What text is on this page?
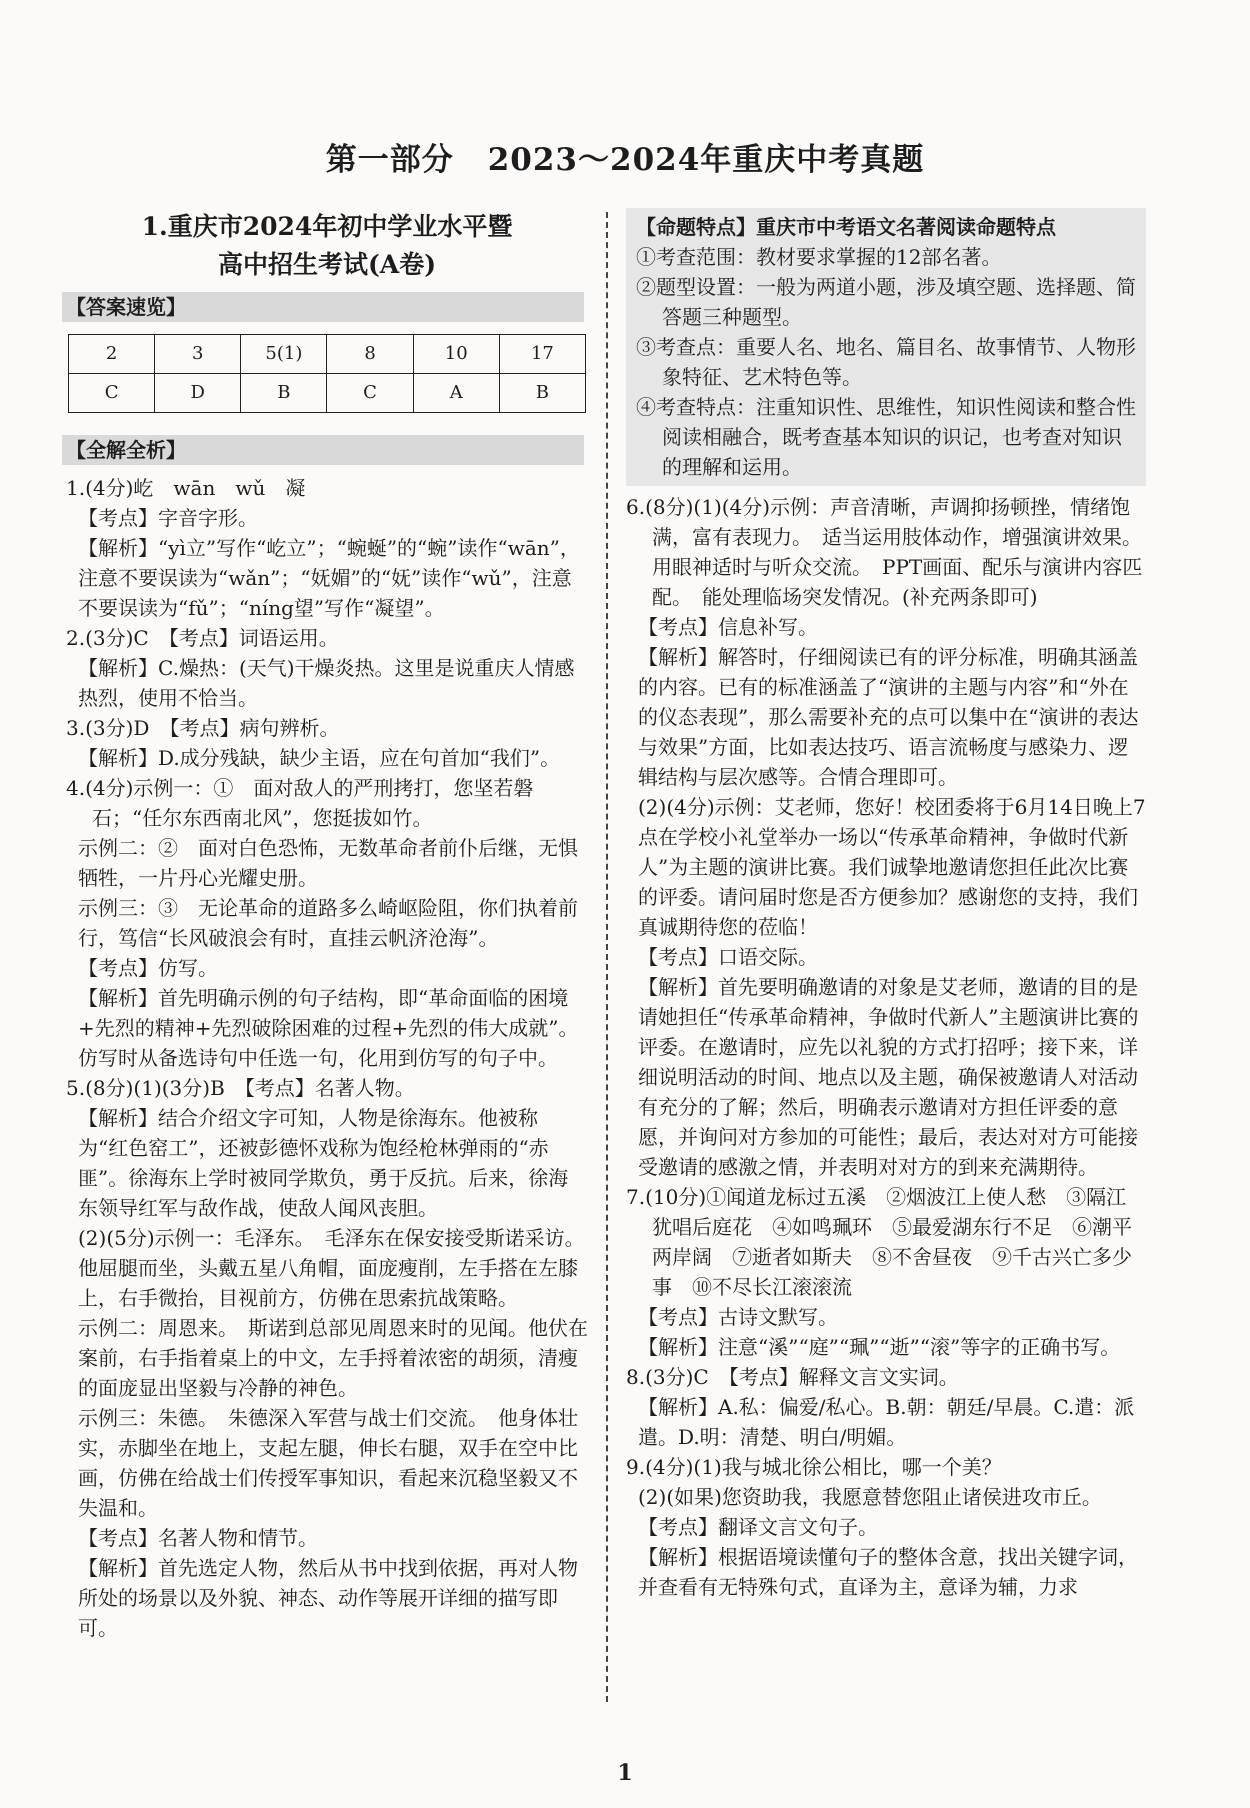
第一部分 2023～2024年重庆中考真题
1.重庆市2024年初中学业水平暨
高中招生考试(A卷)
【答案速览】
2	3	5(1)	8	10	17
C	D	B	C	A	B
【全解全析】

1.(4分)屹　wān　wǔ　凝

【考点】字音字形。

【解析】“yì立”写作“屹立”；“蜿蜒”的“蜿”读作“wān”，注意不要误读为“wǎn”；“妩媚”的“妩”读作“wǔ”，注意不要误读为“fǔ”；“níng望”写作“凝望”。

2.(3分)C　【考点】词语运用。

【解析】C.燥热：(天气)干燥炎热。这里是说重庆人情感热烈，使用不恰当。

3.(3分)D　【考点】病句辨析。

【解析】D.成分残缺，缺少主语，应在句首加“我们”。

4.(4分)示例一：①　面对敌人的严刑拷打，您坚若磐石；“任尔东西南北风”，您挺拔如竹。

示例二：②　面对白色恐怖，无数革命者前仆后继，无惧牺牲，一片丹心光耀史册。

示例三：③　无论革命的道路多么崎岖险阻，你们执着前行，笃信“长风破浪会有时，直挂云帆济沧海”。

【考点】仿写。

【解析】首先明确示例的句子结构，即“革命面临的困境+先烈的精神+先烈破除困难的过程+先烈的伟大成就”。仿写时从备选诗句中任选一句，化用到仿写的句子中。

5.(8分)(1)(3分)B　【考点】名著人物。

【解析】结合介绍文字可知，人物是徐海东。他被称为“红色窑工”，还被彭德怀戏称为饱经枪林弹雨的“赤匪”。徐海东上学时被同学欺负，勇于反抗。后来，徐海东领导红军与敌作战，使敌人闻风丧胆。

(2)(5分)示例一：毛泽东。　毛泽东在保安接受斯诺采访。　他屈腿而坐，头戴五星八角帽，面庞瘦削，左手搭在左膝上，右手微抬，目视前方，仿佛在思索抗战策略。

示例二：周恩来。　斯诺到总部见周恩来时的见闻。他伏在案前，右手指着桌上的中文，左手捋着浓密的胡须，清瘦的面庞显出坚毅与冷静的神色。

示例三：朱德。　朱德深入军营与战士们交流。　他身体壮实，赤脚坐在地上，支起左腿，伸长右腿，双手在空中比画，仿佛在给战士们传授军事知识，看起来沉稳坚毅又不失温和。

【考点】名著人物和情节。

【解析】首先选定人物，然后从书中找到依据，再对人物所处的场景以及外貌、神态、动作等展开详细的描写即可。

【命题特点】重庆市中考语文名著阅读命题特点

①考查范围：教材要求掌握的12部名著。

②题型设置：一般为两道小题，涉及填空题、选择题、简答题三种题型。

③考查点：重要人名、地名、篇目名、故事情节、人物形象特征、艺术特色等。

④考查特点：注重知识性、思维性，知识性阅读和整合性阅读相融合，既考查基本知识的识记，也考查对知识的理解和运用。

6.(8分)(1)(4分)示例：声音清晰，声调抑扬顿挫，情绪饱满，富有表现力。　适当运用肢体动作，增强演讲效果。　用眼神适时与听众交流。　PPT画面、配乐与演讲内容匹配。　能处理临场突发情况。(补充两条即可)

【考点】信息补写。

【解析】解答时，仔细阅读已有的评分标准，明确其涵盖的内容。已有的标准涵盖了“演讲的主题与内容”和“外在的仪态表现”，那么需要补充的点可以集中在“演讲的表达与效果”方面，比如表达技巧、语言流畅度与感染力、逻辑结构与层次感等。合情合理即可。

(2)(4分)示例：艾老师，您好！校团委将于6月14日晚上7点在学校小礼堂举办一场以“传承革命精神，争做时代新人”为主题的演讲比赛。我们诚挚地邀请您担任此次比赛的评委。请问届时您是否方便参加？感谢您的支持，我们真诚期待您的莅临！

【考点】口语交际。

【解析】首先要明确邀请的对象是艾老师，邀请的目的是请她担任“传承革命精神，争做时代新人”主题演讲比赛的评委。在邀请时，应先以礼貌的方式打招呼；接下来，详细说明活动的时间、地点以及主题，确保被邀请人对活动有充分的了解；然后，明确表示邀请对方担任评委的意愿，并询问对方参加的可能性；最后，表达对对方可能接受邀请的感激之情，并表明对对方的到来充满期待。

7.(10分)①闻道龙标过五溪　②烟波江上使人愁　③隔江犹唱后庭花　④如鸣珮环　⑤最爱湖东行不足　⑥潮平两岸阔　⑦逝者如斯夫　⑧不舍昼夜　⑨千古兴亡多少事　⑩不尽长江滚滚流

【考点】古诗文默写。

【解析】注意“溪”“庭”“珮”“逝”“滚”等字的正确书写。

8.(3分)C　【考点】解释文言文实词。

【解析】A.私：偏爱/私心。B.朝：朝廷/早晨。C.遣：派遣。D.明：清楚、明白/明媚。

9.(4分)(1)我与城北徐公相比，哪一个美？

(2)(如果)您资助我，我愿意替您阻止诸侯进攻市丘。

【考点】翻译文言文句子。

【解析】根据语境读懂句子的整体含意，找出关键字词，并查看有无特殊句式，直译为主，意译为辅，力求

1
